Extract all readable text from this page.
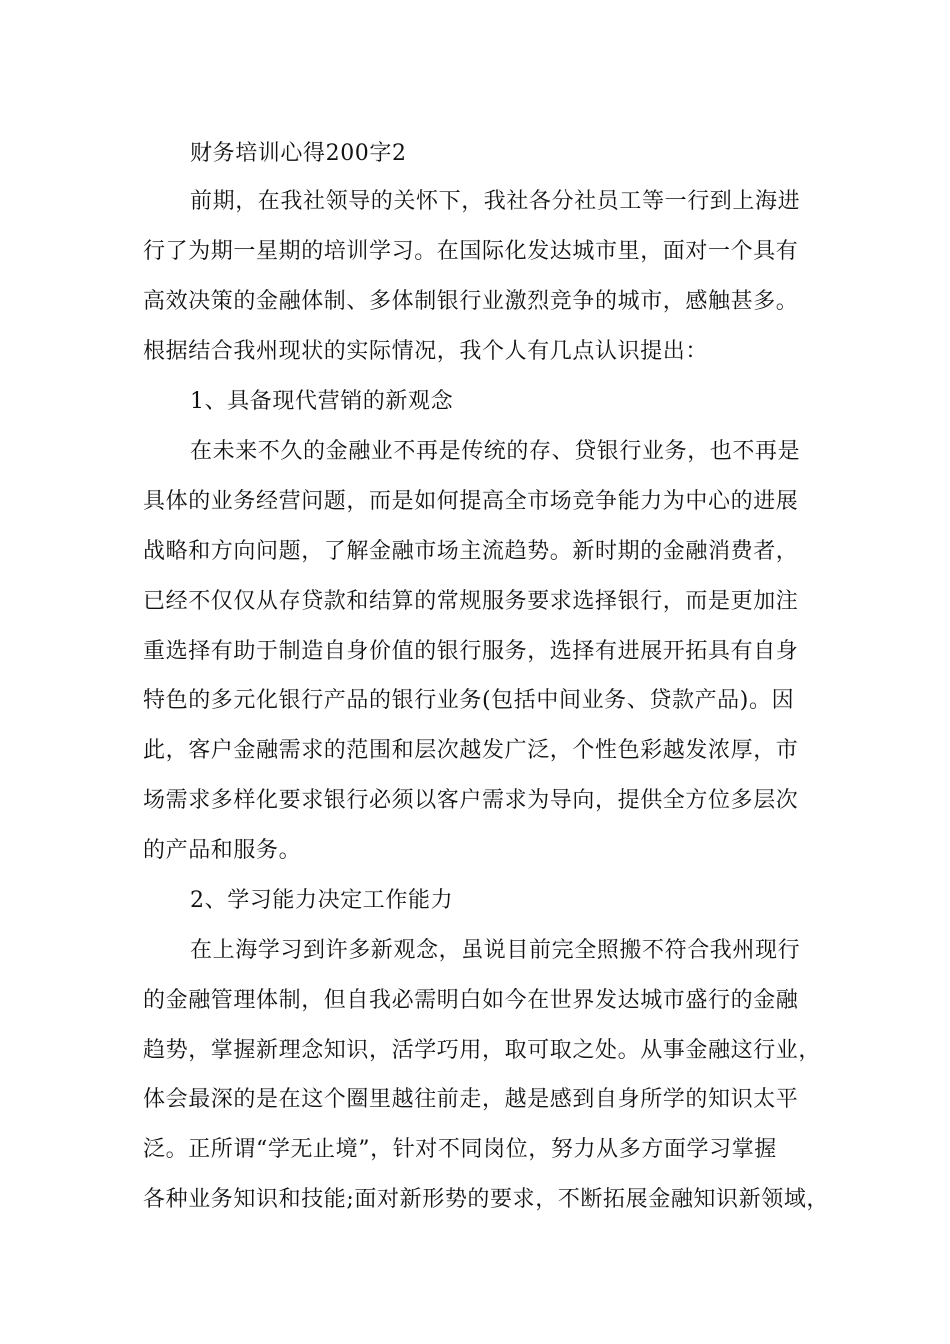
财务培训心得200字2
前期，在我社领导的关怀下，我社各分社员工等一行到上海进
行了为期一星期的培训学习。在国际化发达城市里，面对一个具有
高效决策的金融体制、多体制银行业激烈竞争的城市，感触甚多。
根据结合我州现状的实际情况，我个人有几点认识提出：
1、具备现代营销的新观念
在未来不久的金融业不再是传统的存、贷银行业务，也不再是
具体的业务经营问题，而是如何提高全市场竞争能力为中心的进展
战略和方向问题，了解金融市场主流趋势。新时期的金融消费者，
已经不仅仅从存贷款和结算的常规服务要求选择银行，而是更加注
重选择有助于制造自身价值的银行服务，选择有进展开拓具有自身
特色的多元化银行产品的银行业务(包括中间业务、贷款产品)。因
此，客户金融需求的范围和层次越发广泛，个性色彩越发浓厚，市
场需求多样化要求银行必须以客户需求为导向，提供全方位多层次
的产品和服务。
2、学习能力决定工作能力
在上海学习到许多新观念，虽说目前完全照搬不符合我州现行
的金融管理体制，但自我必需明白如今在世界发达城市盛行的金融
趋势，掌握新理念知识，活学巧用，取可取之处。从事金融这行业，
体会最深的是在这个圈里越往前走，越是感到自身所学的知识太平
泛。正所谓“学无止境”，针对不同岗位，努力从多方面学习掌握
各种业务知识和技能;面对新形势的要求，不断拓展金融知识新领域，
